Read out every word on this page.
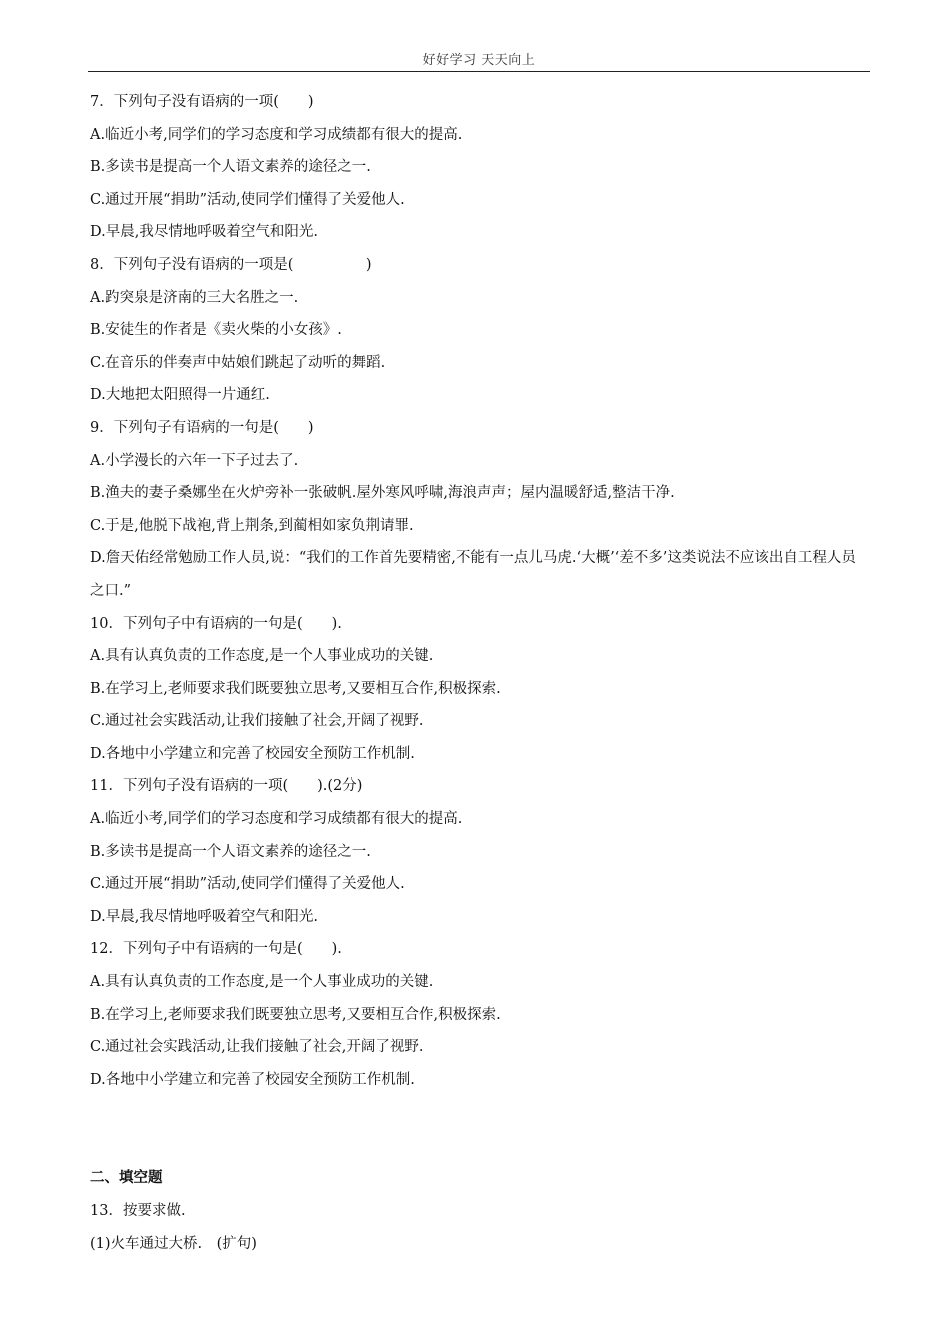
好好学习 天天向上
7．下列句子没有语病的一项(　　)
A.临近小考,同学们的学习态度和学习成绩都有很大的提高.
B.多读书是提高一个人语文素养的途径之一.
C.通过开展“捐助”活动,使同学们懂得了关爱他人.
D.早晨,我尽情地呼吸着空气和阳光.
8．下列句子没有语病的一项是(　　　　　)
A.趵突泉是济南的三大名胜之一.
B.安徒生的作者是《卖火柴的小女孩》.
C.在音乐的伴奏声中姑娘们跳起了动听的舞蹈.
D.大地把太阳照得一片通红.
9．下列句子有语病的一句是(　　)
A.小学漫长的六年一下子过去了.
B.渔夫的妻子桑娜坐在火炉旁补一张破帆.屋外寒风呼啸,海浪声声；屋内温暖舒适,整洁干净.
C.于是,他脱下战袍,背上荆条,到蔺相如家负荆请罪.
D.詹天佑经常勉励工作人员,说：“我们的工作首先要精密,不能有一点儿马虎.‘大概’‘差不多’这类说法不应该出自工程人员之口.”
10．下列句子中有语病的一句是(　　).
A.具有认真负责的工作态度,是一个人事业成功的关键.
B.在学习上,老师要求我们既要独立思考,又要相互合作,积极探索.
C.通过社会实践活动,让我们接触了社会,开阔了视野.
D.各地中小学建立和完善了校园安全预防工作机制.
11．下列句子没有语病的一项(　　).(2分)
A.临近小考,同学们的学习态度和学习成绩都有很大的提高.
B.多读书是提高一个人语文素养的途径之一.
C.通过开展“捐助”活动,使同学们懂得了关爱他人.
D.早晨,我尽情地呼吸着空气和阳光.
12．下列句子中有语病的一句是(　　).
A.具有认真负责的工作态度,是一个人事业成功的关键.
B.在学习上,老师要求我们既要独立思考,又要相互合作,积极探索.
C.通过社会实践活动,让我们接触了社会,开阔了视野.
D.各地中小学建立和完善了校园安全预防工作机制.
二、填空题
13．按要求做.
(1)火车通过大桥.　(扩句)
